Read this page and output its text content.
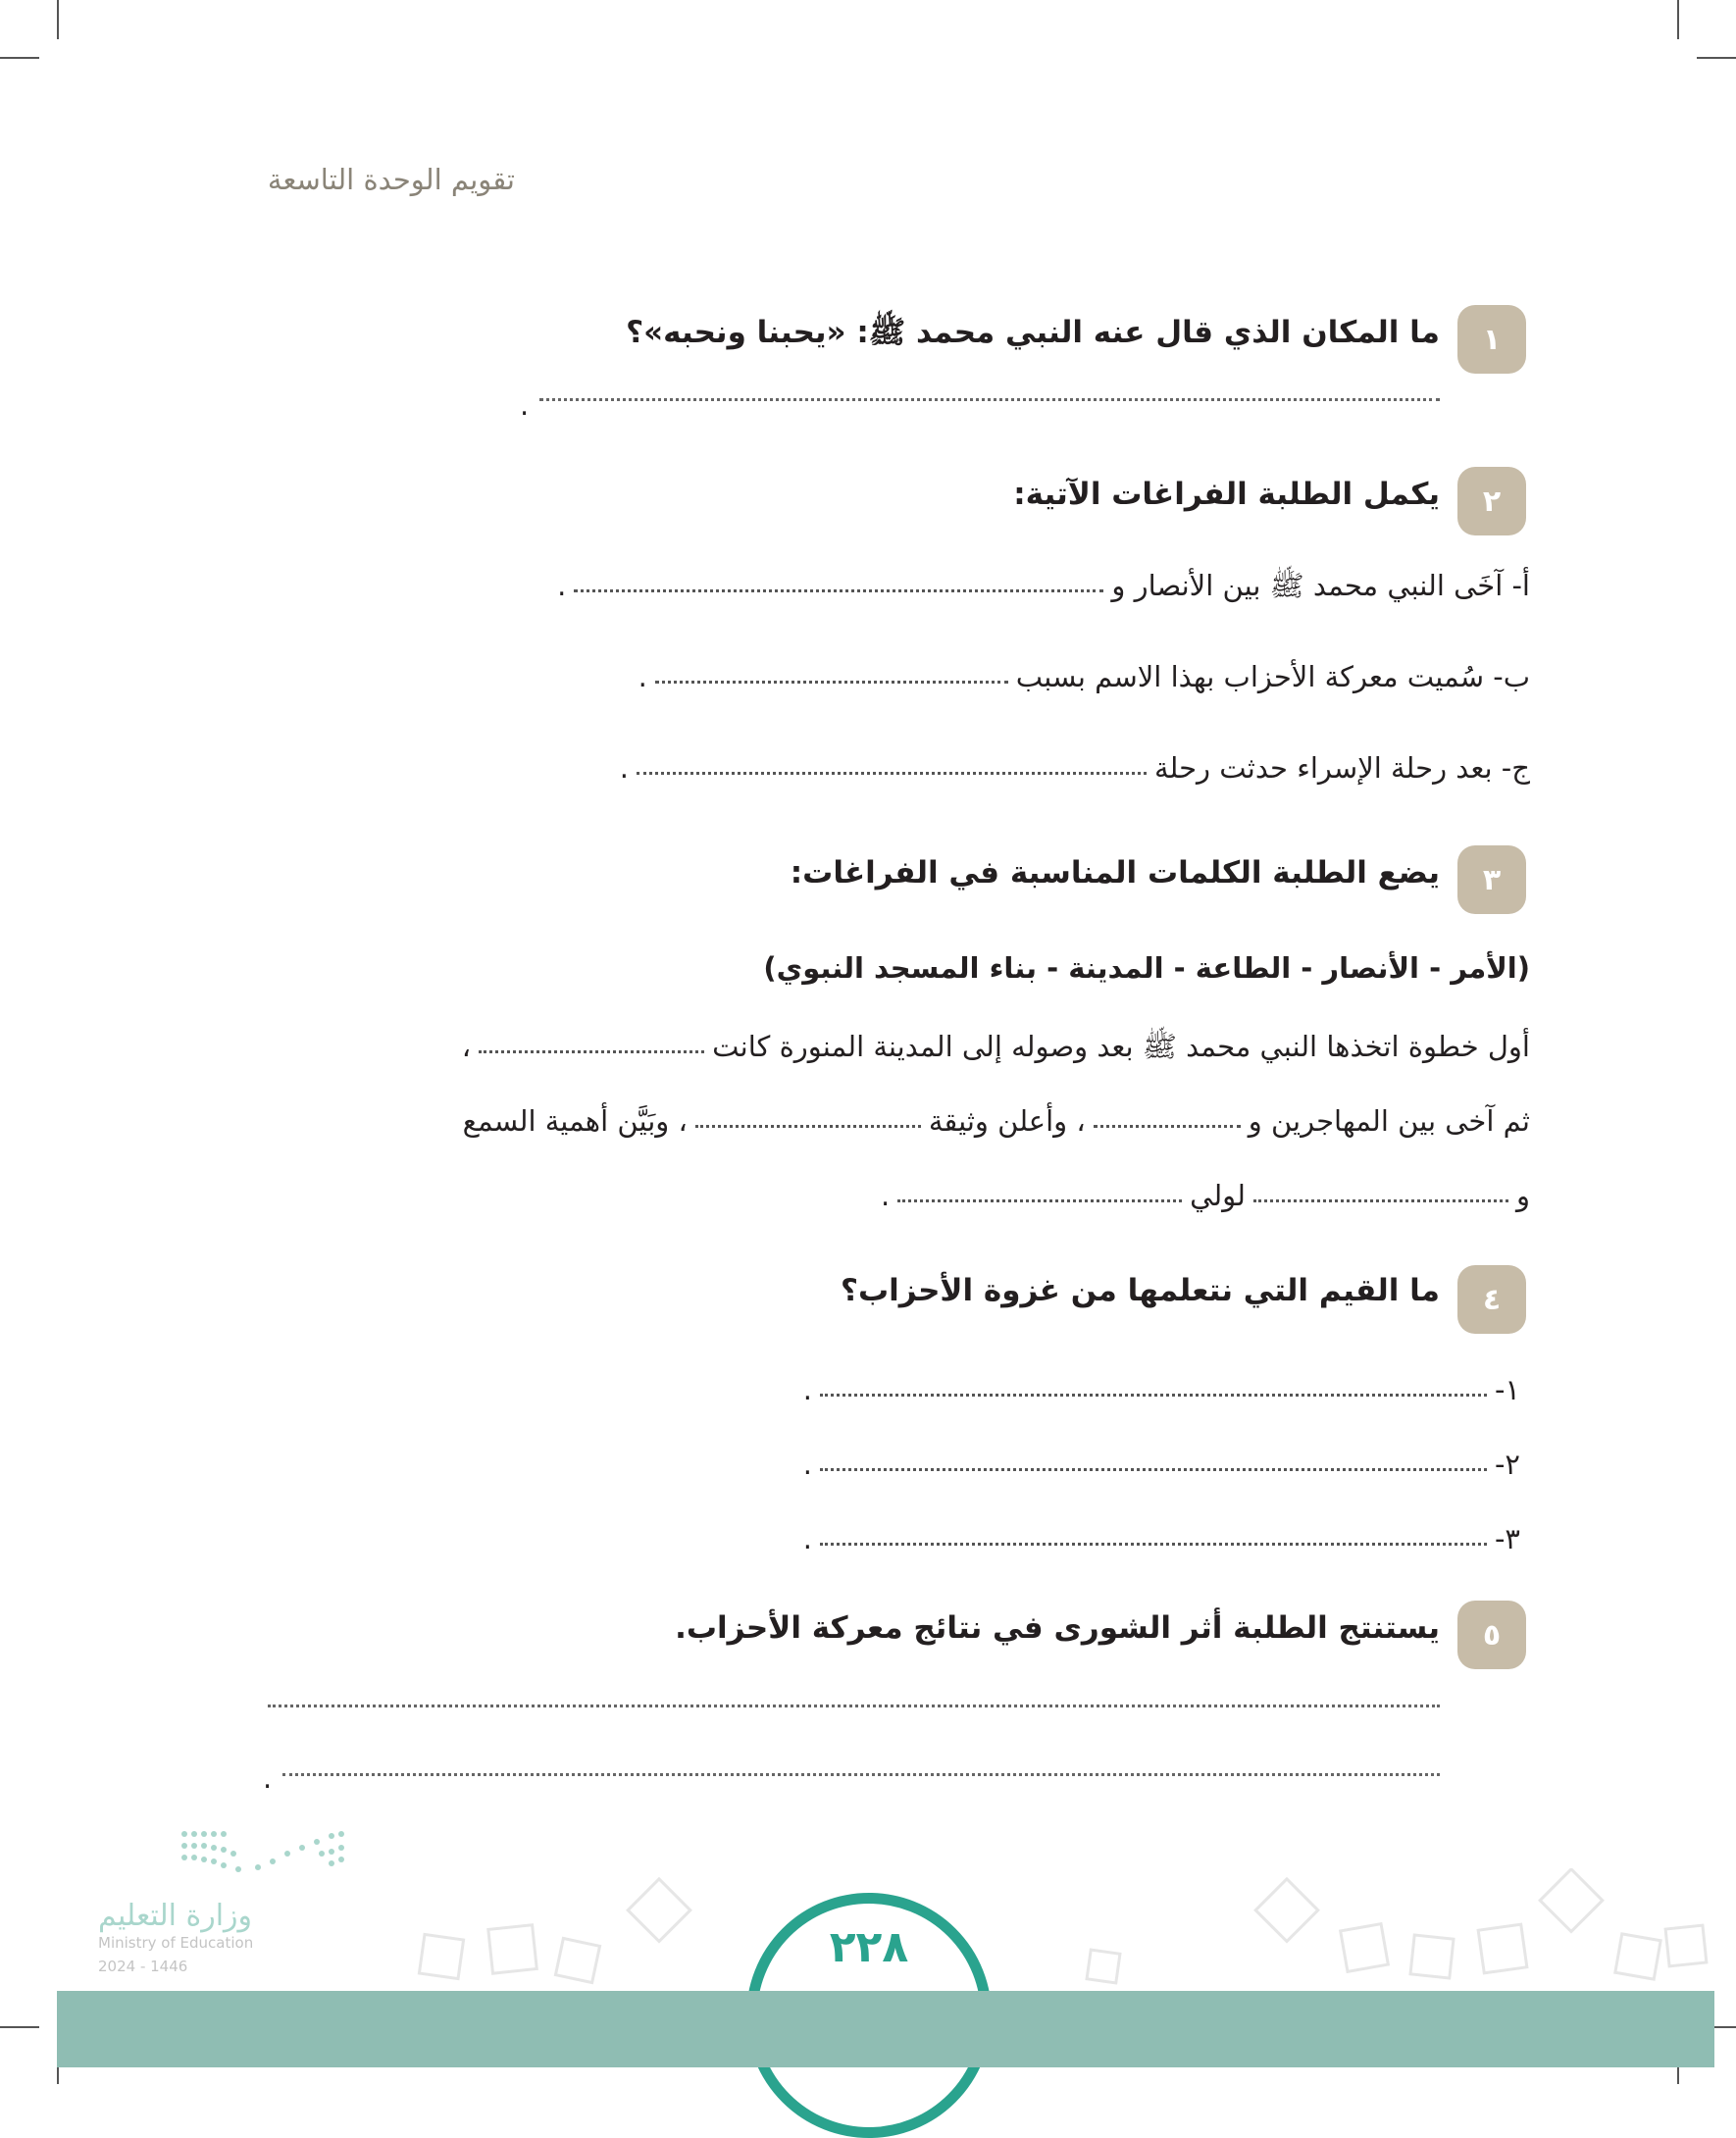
تقويم الوحدة التاسعة
١
ما المكان الذي قال عنه النبي محمد ﷺ: «يحبنا ونحبه»؟
.
٢
يكمل الطلبة الفراغات الآتية:
أ- آخَى النبي محمد ﷺ بين الأنصار و.
ب- سُميت معركة الأحزاب بهذا الاسم بسبب.
ج- بعد رحلة الإسراء حدثت رحلة.
٣
يضع الطلبة الكلمات المناسبة في الفراغات:
(الأمر - الأنصار - الطاعة - المدينة - بناء المسجد النبوي)
أول خطوة اتخذها النبي محمد ﷺ بعد وصوله إلى المدينة المنورة كانت،
ثم آخى بين المهاجرين و، وأعلن وثيقة، وبَيَّن أهمية السمع
ولولي.
٤
ما القيم التي نتعلمها من غزوة الأحزاب؟
١-.
٢-.
٣-.
٥
يستنتج الطلبة أثر الشورى في نتائج معركة الأحزاب.
.
٢٢٨
وزارة التعليم
Ministry of Education
2024 - 1446
